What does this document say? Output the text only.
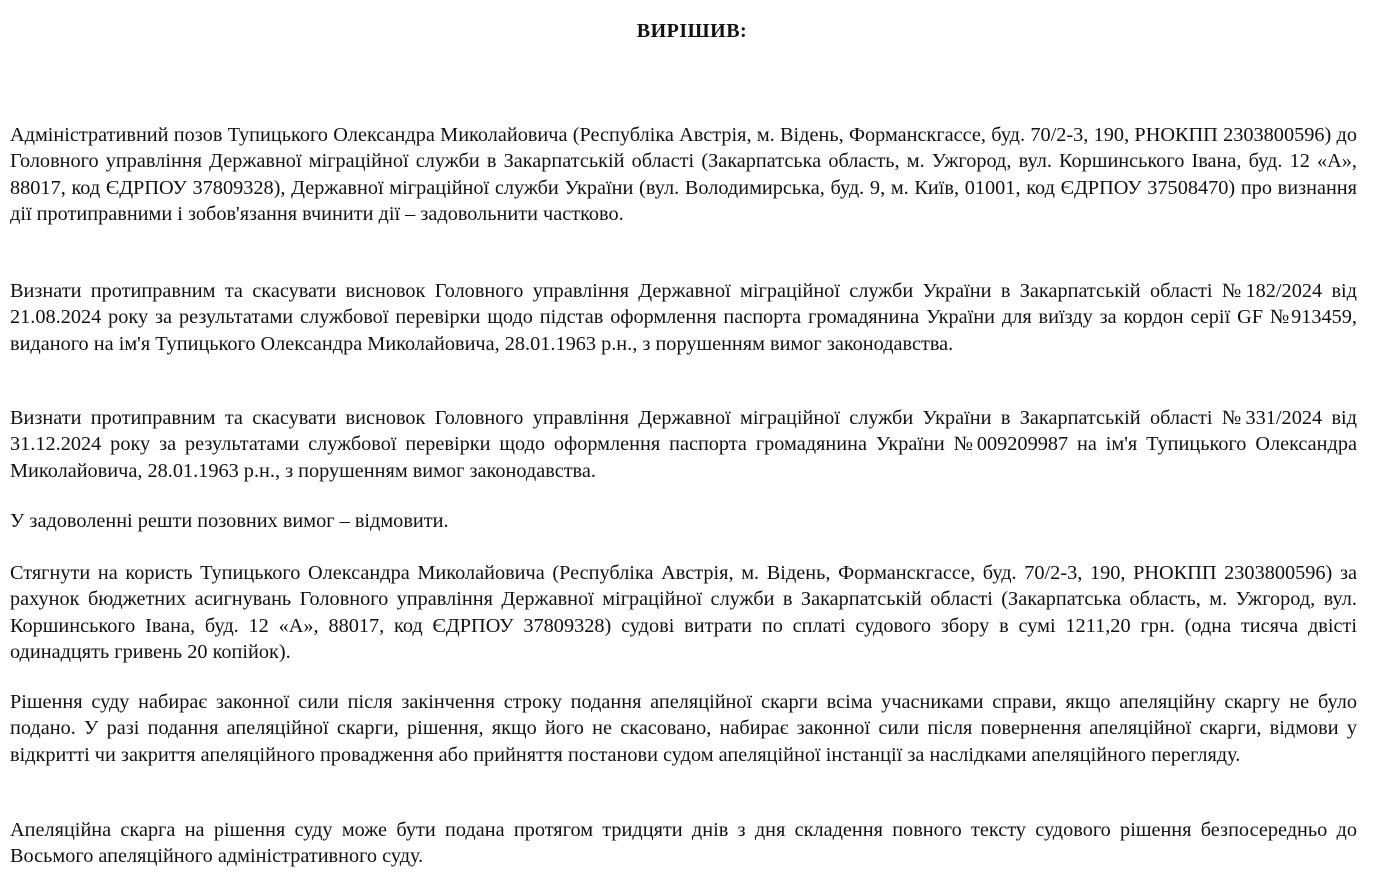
ВИРІШИВ:

Адміністративний позов Тупицького Олександра Миколайовича (Республіка Австрія, м. Відень, Форманскгассе, буд. 70/2-3, 190, РНОКПП 2303800596) до Головного управління Державної міграційної служби в Закарпатській області (Закарпатська область, м. Ужгород, вул. Коршинського Івана, буд. 12 «А», 88017, код ЄДРПОУ 37809328), Державної міграційної служби України (вул. Володимирська, буд. 9, м. Київ, 01001, код ЄДРПОУ 37508470) про визнання дії протиправними і зобов'язання вчинити дії – задовольнити частково.

Визнати протиправним та скасувати висновок Головного управління Державної міграційної служби України в Закарпатській області №182/2024 від 21.08.2024 року за результатами службової перевірки щодо підстав оформлення паспорта громадянина України для виїзду за кордон серії GF №913459, виданого на ім'я Тупицького Олександра Миколайовича, 28.01.1963 р.н., з порушенням вимог законодавства.

Визнати протиправним та скасувати висновок Головного управління Державної міграційної служби України в Закарпатській області №331/2024 від 31.12.2024 року за результатами службової перевірки щодо оформлення паспорта громадянина України №009209987 на ім'я Тупицького Олександра Миколайовича, 28.01.1963 р.н., з порушенням вимог законодавства.

У задоволенні решти позовних вимог – відмовити.

Стягнути на користь Тупицького Олександра Миколайовича (Республіка Австрія, м. Відень, Форманскгассе, буд. 70/2-3, 190, РНОКПП 2303800596) за рахунок бюджетних асигнувань Головного управління Державної міграційної служби в Закарпатській області (Закарпатська область, м. Ужгород, вул. Коршинського Івана, буд. 12 «А», 88017, код ЄДРПОУ 37809328) судові витрати по сплаті судового збору в сумі 1211,20 грн. (одна тисяча двісті одинадцять гривень 20 копійок).

Рішення суду набирає законної сили після закінчення строку подання апеляційної скарги всіма учасниками справи, якщо апеляційну скаргу не було подано. У разі подання апеляційної скарги, рішення, якщо його не скасовано, набирає законної сили після повернення апеляційної скарги, відмови у відкритті чи закриття апеляційного провадження або прийняття постанови судом апеляційної інстанції за наслідками апеляційного перегляду.

Апеляційна скарга на рішення суду може бути подана протягом тридцяти днів з дня складення повного тексту судового рішення безпосередньо до Восьмого апеляційного адміністративного суду.
